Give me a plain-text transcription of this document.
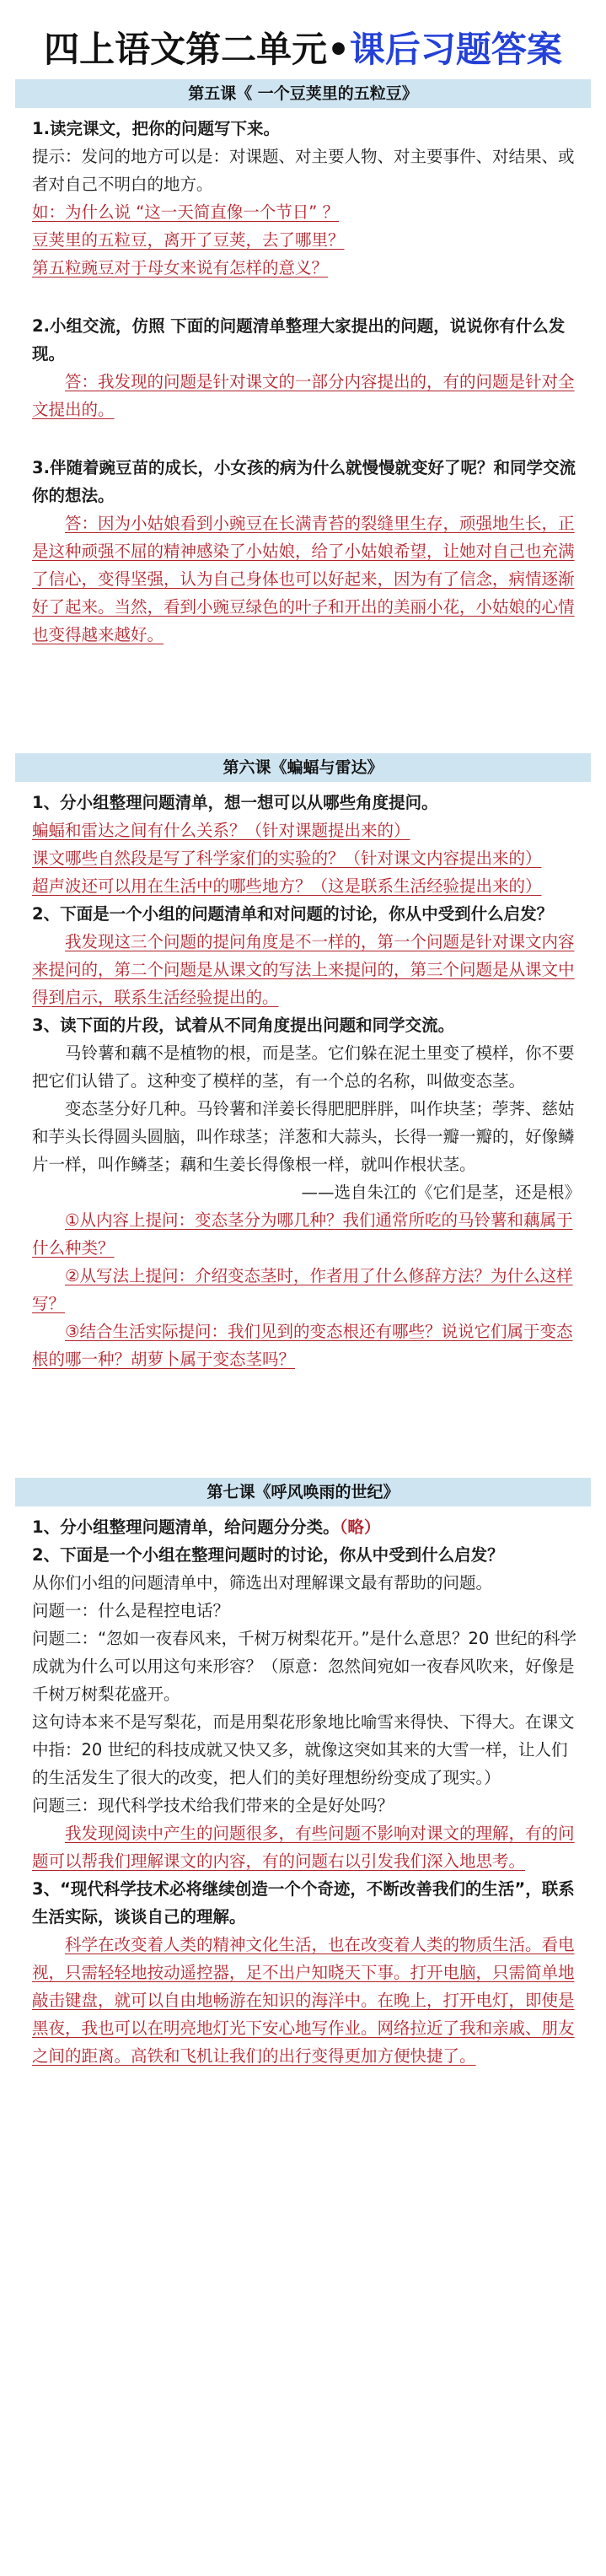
四上语文第二单元•课后习题答案
第五课《 一个豆荚里的五粒豆》

1.读完课文，把你的问题写下来。

提示：发问的地方可以是：对课题、对主要人物、对主要事件、对结果、或者对自己不明白的地方。

如：为什么说 “这一天简直像一个节日” ？

豆荚里的五粒豆，离开了豆荚，去了哪里？

第五粒豌豆对于母女来说有怎样的意义？

2.小组交流，仿照 下面的问题清单整理大家提出的问题，说说你有什么发现。

答：我发现的问题是针对课文的一部分内容提出的，有的问题是针对全文提出的。

3.伴随着豌豆苗的成长，小女孩的病为什么就慢慢就变好了呢？和同学交流你的想法。

答：因为小姑娘看到小豌豆在长满青苔的裂缝里生存，顽强地生长，正是这种顽强不屈的精神感染了小姑娘，给了小姑娘希望，让她对自己也充满了信心，变得坚强，认为自己身体也可以好起来，因为有了信念，病情逐渐好了起来。当然，看到小豌豆绿色的叶子和开出的美丽小花，小姑娘的心情也变得越来越好。

第六课《蝙蝠与雷达》

1、分小组整理问题清单，想一想可以从哪些角度提问。

蝙蝠和雷达之间有什么关系？（针对课题提出来的）

课文哪些自然段是写了科学家们的实验的？（针对课文内容提出来的）

超声波还可以用在生活中的哪些地方？（这是联系生活经验提出来的）

2、下面是一个小组的问题清单和对问题的讨论，你从中受到什么启发？

我发现这三个问题的提问角度是不一样的，第一个问题是针对课文内容来提问的，第二个问题是从课文的写法上来提问的，第三个问题是从课文中得到启示，联系生活经验提出的。

3、读下面的片段，试着从不同角度提出问题和同学交流。

马铃薯和藕不是植物的根，而是茎。它们躲在泥土里变了模样，你不要把它们认错了。这种变了模样的茎，有一个总的名称，叫做变态茎。

变态茎分好几种。马铃薯和洋姜长得肥肥胖胖，叫作块茎；荸荠、慈姑和芋头长得圆头圆脑，叫作球茎；洋葱和大蒜头，长得一瓣一瓣的，好像鳞片一样，叫作鳞茎；藕和生姜长得像根一样，就叫作根状茎。

——选自朱江的《它们是茎，还是根》

①从内容上提问：变态茎分为哪几种？我们通常所吃的马铃薯和藕属于什么种类？

②从写法上提问：介绍变态茎时，作者用了什么修辞方法？为什么这样写？

③结合生活实际提问：我们见到的变态根还有哪些？说说它们属于变态根的哪一种？胡萝卜属于变态茎吗？

第七课《呼风唤雨的世纪》

1、分小组整理问题清单，给问题分分类。（略）

2、下面是一个小组在整理问题时的讨论，你从中受到什么启发？

从你们小组的问题清单中，筛选出对理解课文最有帮助的问题。

问题一：什么是程控电话？

问题二：“忽如一夜春风来，千树万树梨花开。”是什么意思？20 世纪的科学成就为什么可以用这句来形容？（原意：忽然间宛如一夜春风吹来，好像是千树万树梨花盛开。

这句诗本来不是写梨花，而是用梨花形象地比喻雪来得快、下得大。在课文中指：20 世纪的科技成就又快又多，就像这突如其来的大雪一样，让人们的生活发生了很大的改变，把人们的美好理想纷纷变成了现实。）

问题三：现代科学技术给我们带来的全是好处吗？

我发现阅读中产生的问题很多，有些问题不影响对课文的理解，有的问题可以帮我们理解课文的内容，有的问题右以引发我们深入地思考。

3、“现代科学技术必将继续创造一个个奇迹，不断改善我们的生活”，联系生活实际，谈谈自己的理解。

科学在改变着人类的精神文化生活，也在改变着人类的物质生活。看电视，只需轻轻地按动遥控器，足不出户知晓天下事。打开电脑，只需简单地敲击键盘，就可以自由地畅游在知识的海洋中。在晚上，打开电灯，即使是黑夜，我也可以在明亮地灯光下安心地写作业。网络拉近了我和亲戚、朋友之间的距离。高铁和飞机让我们的出行变得更加方便快捷了。
